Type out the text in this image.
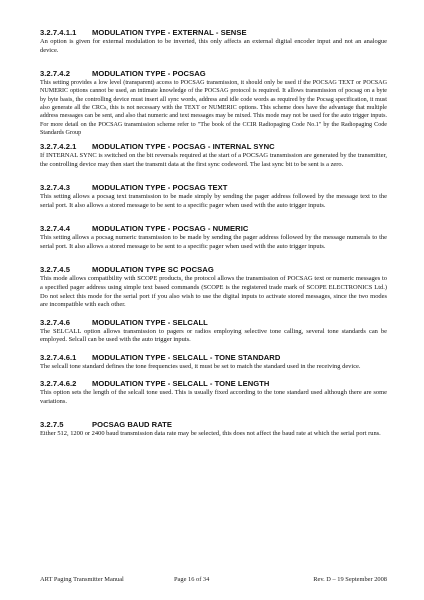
3.2.7.4.1.1	MODULATION TYPE - EXTERNAL - SENSE

An option is given for external modulation to be inverted, this only affects an external digital encoder input and not an analogue device.

3.2.7.4.2	MODULATION TYPE - POCSAG

This setting provides a low level (transparent) access to POCSAG transmission, it should only be used if the POCSAG TEXT or POCSAG NUMERIC options cannot be used, an intimate knowledge of the POCSAG protocol is required. It allows transmission of pocsag on a byte by byte basis, the controlling device must insert all sync words, address and idle code words as required by the Pocsag specification, it must also generate all the CRCs, this is not necessary with the TEXT or NUMERIC options. This scheme does have the advantage that multiple address messages can be sent, and also that numeric and text messages may be mixed. This mode may not be used for the auto trigger inputs. For more detail on the POCSAG transmission scheme refer to "The book of the CCIR Radiopaging Code No.1" by the Radiopaging Code Standards Group

3.2.7.4.2.1	MODULATION TYPE - POCSAG - INTERNAL SYNC

If INTERNAL SYNC is switched on the bit reversals required at the start of a POCSAG transmission are generated by the transmitter, the controlling device may then start the transmit data at the first sync codeword. The last sync bit to be sent is a zero.

3.2.7.4.3	MODULATION TYPE - POCSAG TEXT

This setting allows a pocsag text transmission to be made simply by sending the pager address followed by the message text to the serial port. It also allows a stored message to be sent to a specific pager when used with the auto trigger inputs.

3.2.7.4.4	MODULATION TYPE - POCSAG - NUMERIC

This setting allows a pocsag numeric transmission to be made by sending the pager address followed by the message numerals to the serial port. It also allows a stored message to be sent to a specific pager when used with the auto trigger inputs.

3.2.7.4.5	MODULATION TYPE SC POCSAG

This mode allows compatibility with SCOPE products, the protocol allows the transmission of POCSAG text or numeric messages to a specified pager address using simple text based commands (SCOPE is the registered trade mark of SCOPE ELECTRONICS Ltd.) Do not select this mode for the serial port if you also wish to use the digital inputs to activate stored messages, since the two modes are incompatible with each other.

3.2.7.4.6	MODULATION TYPE - SELCALL

The SELCALL option allows transmission to pagers or radios employing selective tone calling, several tone standards can be employed. Selcall can be used with the auto trigger inputs.

3.2.7.4.6.1	MODULATION TYPE - SELCALL - TONE STANDARD

The selcall tone standard defines the tone frequencies used, it must be set to match the standard used in the receiving device.

3.2.7.4.6.2	MODULATION TYPE - SELCALL - TONE LENGTH

This option sets the length of the selcall tone used. This is usually fixed according to the tone standard used although there are some variations.

3.2.7.5	POCSAG BAUD RATE

Either 512, 1200 or 2400 baud transmission data rate may be selected, this does not affect the baud rate at which the serial port runs.

ART Paging Transmitter Manual	Page 16 of 34	Rev. D – 19 September 2008
